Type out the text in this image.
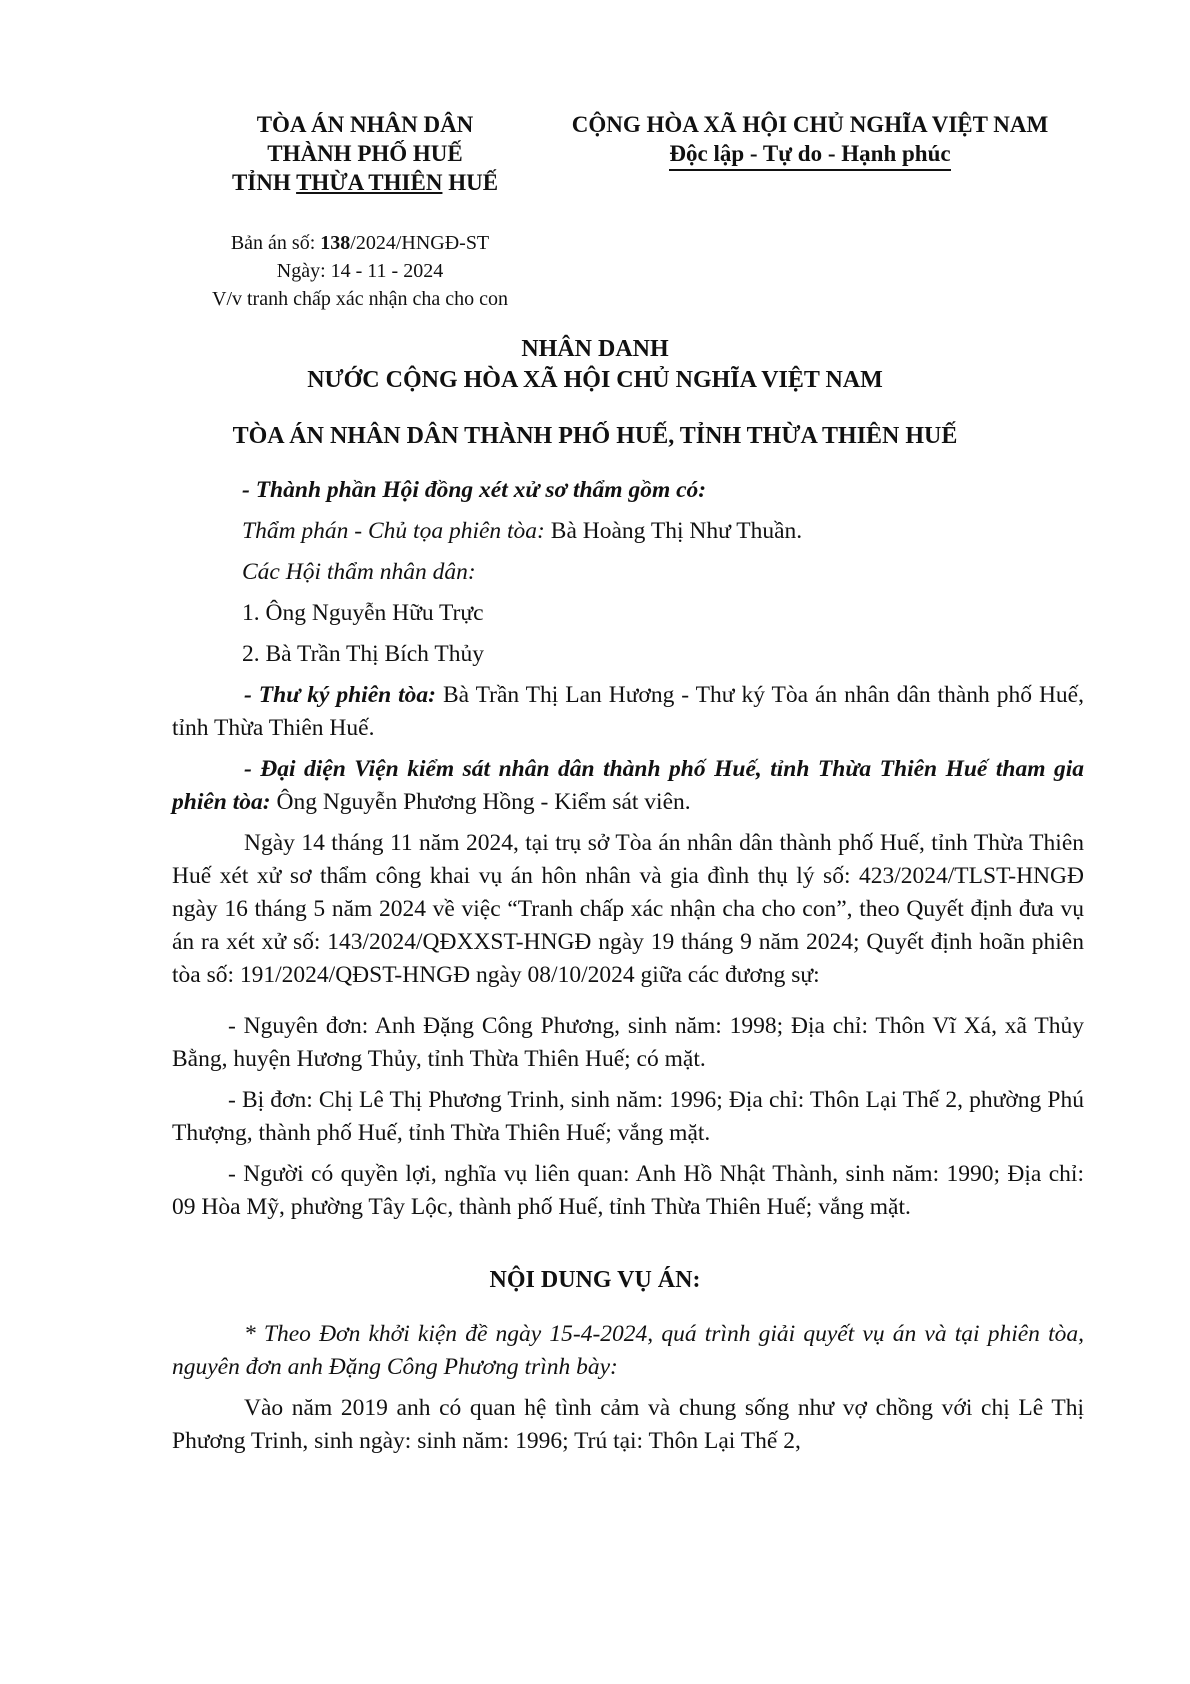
TÒA ÁN NHÂN DÂN
THÀNH PHỐ HUẾ
TỈNH THỪA THIÊN HUẾ
CỘNG HÒA XÃ HỘI CHỦ NGHĨA VIỆT NAM
Độc lập - Tự do - Hạnh phúc
Bản án số: 138/2024/HNGĐ-ST
Ngày: 14 - 11 - 2024
V/v tranh chấp xác nhận cha cho con
NHÂN DANH
NƯỚC CỘNG HÒA XÃ HỘI CHỦ NGHĨA VIỆT NAM
TÒA ÁN NHÂN DÂN THÀNH PHỐ HUẾ, TỈNH THỪA THIÊN HUẾ
- Thành phần Hội đồng xét xử sơ thẩm gồm có:
Thẩm phán - Chủ tọa phiên tòa: Bà Hoàng Thị Như Thuần.
Các Hội thẩm nhân dân:
1. Ông Nguyễn Hữu Trực
2. Bà Trần Thị Bích Thủy
- Thư ký phiên tòa: Bà Trần Thị Lan Hương - Thư ký Tòa án nhân dân thành phố Huế, tỉnh Thừa Thiên Huế.
- Đại diện Viện kiểm sát nhân dân thành phố Huế, tỉnh Thừa Thiên Huế tham gia phiên tòa: Ông Nguyễn Phương Hồng - Kiểm sát viên.
Ngày 14 tháng 11 năm 2024, tại trụ sở Tòa án nhân dân thành phố Huế, tỉnh Thừa Thiên Huế xét xử sơ thẩm công khai vụ án hôn nhân và gia đình thụ lý số: 423/2024/TLST-HNGĐ ngày 16 tháng 5 năm 2024 về việc “Tranh chấp xác nhận cha cho con”, theo Quyết định đưa vụ án ra xét xử số: 143/2024/QĐXXST-HNGĐ ngày 19 tháng 9 năm 2024; Quyết định hoãn phiên tòa số: 191/2024/QĐST-HNGĐ ngày 08/10/2024 giữa các đương sự:
- Nguyên đơn: Anh Đặng Công Phương, sinh năm: 1998; Địa chỉ: Thôn Vĩ Xá, xã Thủy Bằng, huyện Hương Thủy, tỉnh Thừa Thiên Huế; có mặt.
- Bị đơn: Chị Lê Thị Phương Trinh, sinh năm: 1996; Địa chỉ: Thôn Lại Thế 2, phường Phú Thượng, thành phố Huế, tỉnh Thừa Thiên Huế; vắng mặt.
- Người có quyền lợi, nghĩa vụ liên quan: Anh Hồ Nhật Thành, sinh năm: 1990; Địa chỉ: 09 Hòa Mỹ, phường Tây Lộc, thành phố Huế, tỉnh Thừa Thiên Huế; vắng mặt.
NỘI DUNG VỤ ÁN:
* Theo Đơn khởi kiện đề ngày 15-4-2024, quá trình giải quyết vụ án và tại phiên tòa, nguyên đơn anh Đặng Công Phương trình bày:
Vào năm 2019 anh có quan hệ tình cảm và chung sống như vợ chồng với chị Lê Thị Phương Trinh, sinh ngày: sinh năm: 1996; Trú tại: Thôn Lại Thế 2,
